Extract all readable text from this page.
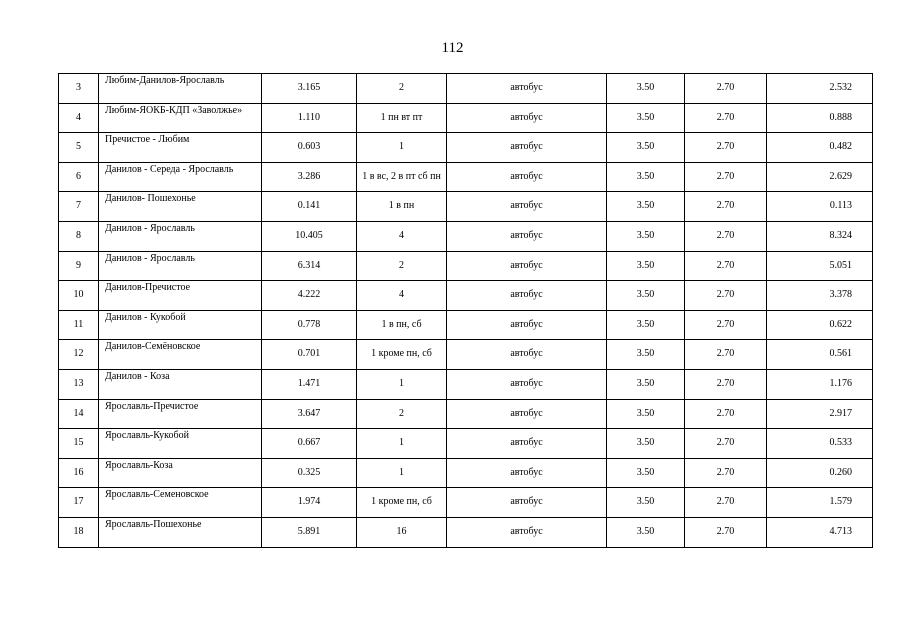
112
3	Любим-Данилов-Ярославль	3.165	2	автобус	3.50	2.70	2.532
4	Любим-ЯОКБ-КДП «Заволжье»	1.110	1 пн вт пт	автобус	3.50	2.70	0.888
5	Пречистое - Любим	0.603	1	автобус	3.50	2.70	0.482
6	Данилов - Середа - Ярославль	3.286	1 в вс, 2 в пт сб пн	автобус	3.50	2.70	2.629
7	Данилов- Пошехонье	0.141	1 в пн	автобус	3.50	2.70	0.113
8	Данилов - Ярославль	10.405	4	автобус	3.50	2.70	8.324
9	Данилов - Ярославль	6.314	2	автобус	3.50	2.70	5.051
10	Данилов-Пречистое	4.222	4	автобус	3.50	2.70	3.378
11	Данилов - Кукобой	0.778	1 в пн, сб	автобус	3.50	2.70	0.622
12	Данилов-Семёновское	0.701	1 кроме пн, сб	автобус	3.50	2.70	0.561
13	Данилов - Коза	1.471	1	автобус	3.50	2.70	1.176
14	Ярославль-Пречистое	3.647	2	автобус	3.50	2.70	2.917
15	Ярославль-Кукобой	0.667	1	автобус	3.50	2.70	0.533
16	Ярославль-Коза	0.325	1	автобус	3.50	2.70	0.260
17	Ярославль-Семеновское	1.974	1 кроме пн, сб	автобус	3.50	2.70	1.579
18	Ярославль-Пошехонье	5.891	16	автобус	3.50	2.70	4.713
